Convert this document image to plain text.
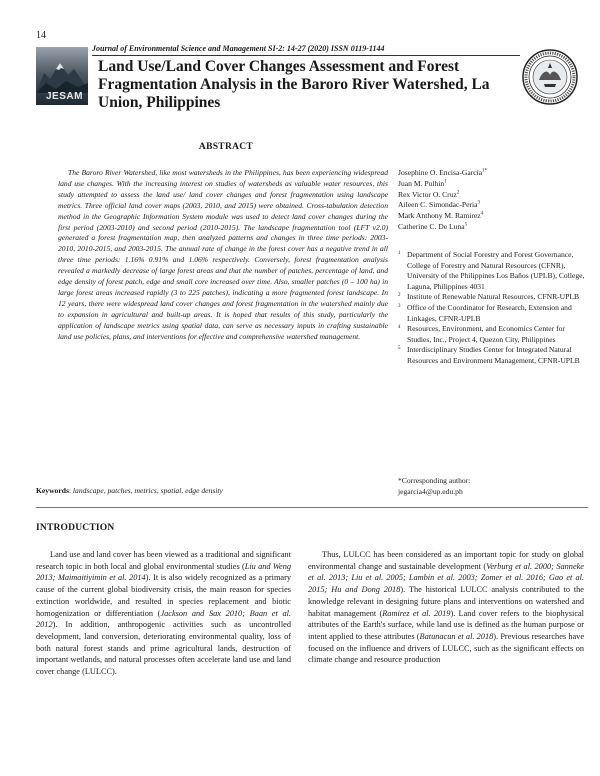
14
JESAM
Journal of Environmental Science and Management SI-2: 14-27 (2020) ISSN 0119-1144
Land Use/Land Cover Changes Assessment and Forest Fragmentation Analysis in the Baroro River Watershed, La Union, Philippines
ABSTRACT

The Baroro River Watershed, like most watersheds in the Philippines, has been experiencing widespread land use changes. With the increasing interest on studies of watersheds as valuable water resources, this study attempted to assess the land use/ land cover changes and forest fragmentation using landscape metrics. Three official land cover maps (2003, 2010, and 2015) were obtained. Cross-tabulation detection method in the Geographic Information System module was used to detect land cover changes during the first period (2003-2010) and second period (2010-2015). The landscape fragmentation tool (LFT v2.0) generated a forest fragmentation map, then analyzed patterns and changes in three time periods: 2003-2010, 2010-2015, and 2003-2015. The annual rate of change in the forest cover has a negative trend in all three time periods: 1.16% 0.91% and 1.06% respectively. Conversely, forest fragmentation analysis revealed a markedly decrease of large forest areas and that the number of patches, percentage of land, and edge density of forest patch, edge and small core increased over time. Also, smaller patches (0 – 100 ha) in large forest areas increased rapidly (3 to 225 patches), indicating a more fragmented forest landscape. In 12 years, there were widespread land cover changes and forest fragmentation in the watershed mainly due to expansion in agricultural and built-up areas. It is hoped that results of this study, particularly the application of landscape metrics using spatial data, can serve as necessary inputs in crafting sustainable land use policies, plans, and interventions for effective and comprehensive watershed management.

Josephine O. Encisa-Garcia$^{1*}$
Juan M. Pulhin$^1$
Rex Victor O. Cruz$^2$
Aileen C. Simondac-Peria$^3$
Mark Anthony M. Ramirez$^4$
Catherine C. De Luna$^5$
1 Department of Social Forestry and Forest Governance, College of Forestry and Natural Resources (CFNR), University of the Philippines Los Baños (UPLB), College, Laguna, Philippines 4031
2 Institute of Renewable Natural Resources, CFNR-UPLB
3 Office of the Coordinator for Research, Extension and Linkages, CFNR-UPLB
4 Resources, Environment, and Economics Center for Studies, Inc., Project 4, Quezon City, Philippines
5 Interdisciplinary Studies Center for Integrated Natural Resources and Environment Management, CFNR-UPLB
*Corresponding author:
jegarcia4@up.edu.ph
Keywords: landscape, patches, metrics, spatial, edge density
INTRODUCTION

Land use and land cover has been viewed as a traditional and significant research topic in both local and global environmental studies (Liu and Weng 2013; Maimaitiyimin et al. 2014). It is also widely recognized as a primary cause of the current global biodiversity crisis, the main reason for species extinction worldwide, and resulted in species replacement and biotic homogenization or differentiation (Jackson and Sax 2010; Baan et al. 2012). In addition, anthropogenic activities such as uncontrolled development, land conversion, deteriorating environmental quality, loss of both natural forest stands and prime agricultural lands, destruction of important wetlands, and natural processes often accelerate land use and land cover change (LULCC).

Thus, LULCC has been considered as an important topic for study on global environmental change and sustainable development (Verburg et al. 2000; Sanneke et al. 2013; Liu et al. 2005; Lambin et al. 2003; Zomer et al. 2016; Gao et al. 2015; Hu and Dong 2018). The historical LULCC analysis contributed to the knowledge relevant in designing future plans and interventions on watershed and habitat management (Ramirez et al. 2019). Land cover refers to the biophysical attributes of the Earth's surface, while land use is defined as the human purpose or intent applied to these attributes (Batunacun et al. 2018). Previous researches have focused on the influence and drivers of LULCC, such as the significant effects on climate change and resource production
